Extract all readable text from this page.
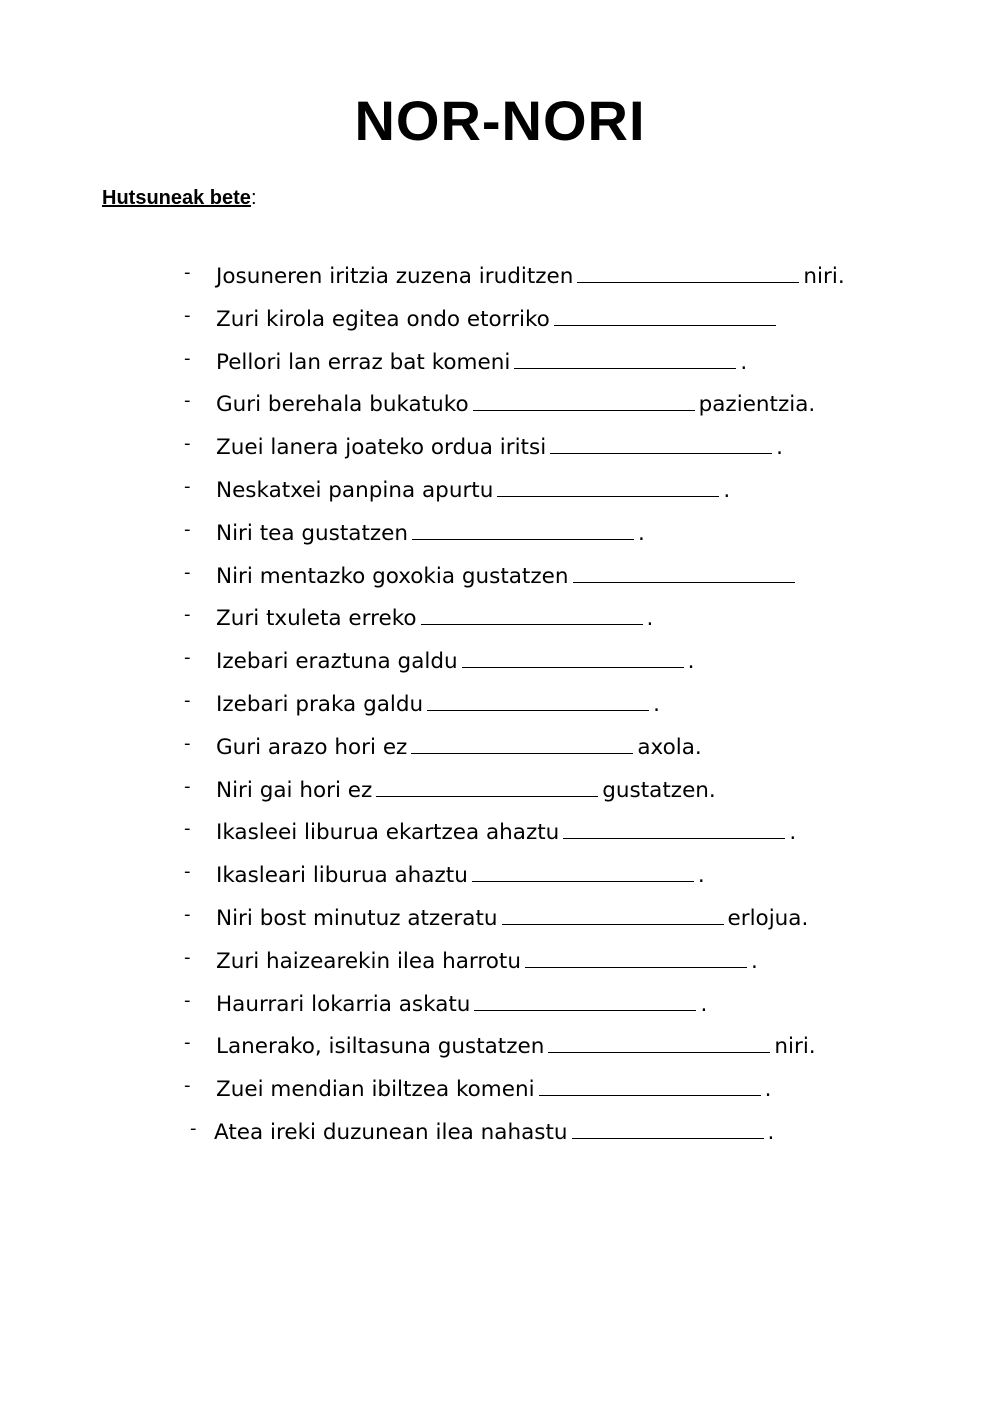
NOR-NORI
Hutsuneak bete:
- Josuneren iritzia zuzena iruditzen	niri.
- Zuri kirola egitea ondo etorriko
- Pellori lan erraz bat komeni	.
- Guri berehala bukatuko	pazientzia.
- Zuei lanera joateko ordua iritsi	.
- Neskatxei panpina apurtu	.
- Niri tea gustatzen	.
- Niri mentazko goxokia gustatzen
- Zuri txuleta erreko	.
- Izebari eraztuna galdu	.
- Izebari praka galdu	.
- Guri arazo hori ez	axola.
- Niri gai hori ez	gustatzen.
- Ikasleei liburua ekartzea ahaztu	.
- Ikasleari liburua ahaztu	.
- Niri bost minutuz atzeratu	erlojua.
- Zuri haizearekin ilea harrotu	.
- Haurrari lokarria askatu	.
- Lanerako, isiltasuna gustatzen	niri.
- Zuei mendian ibiltzea komeni	.
- Atea ireki duzunean ilea nahastu	.
